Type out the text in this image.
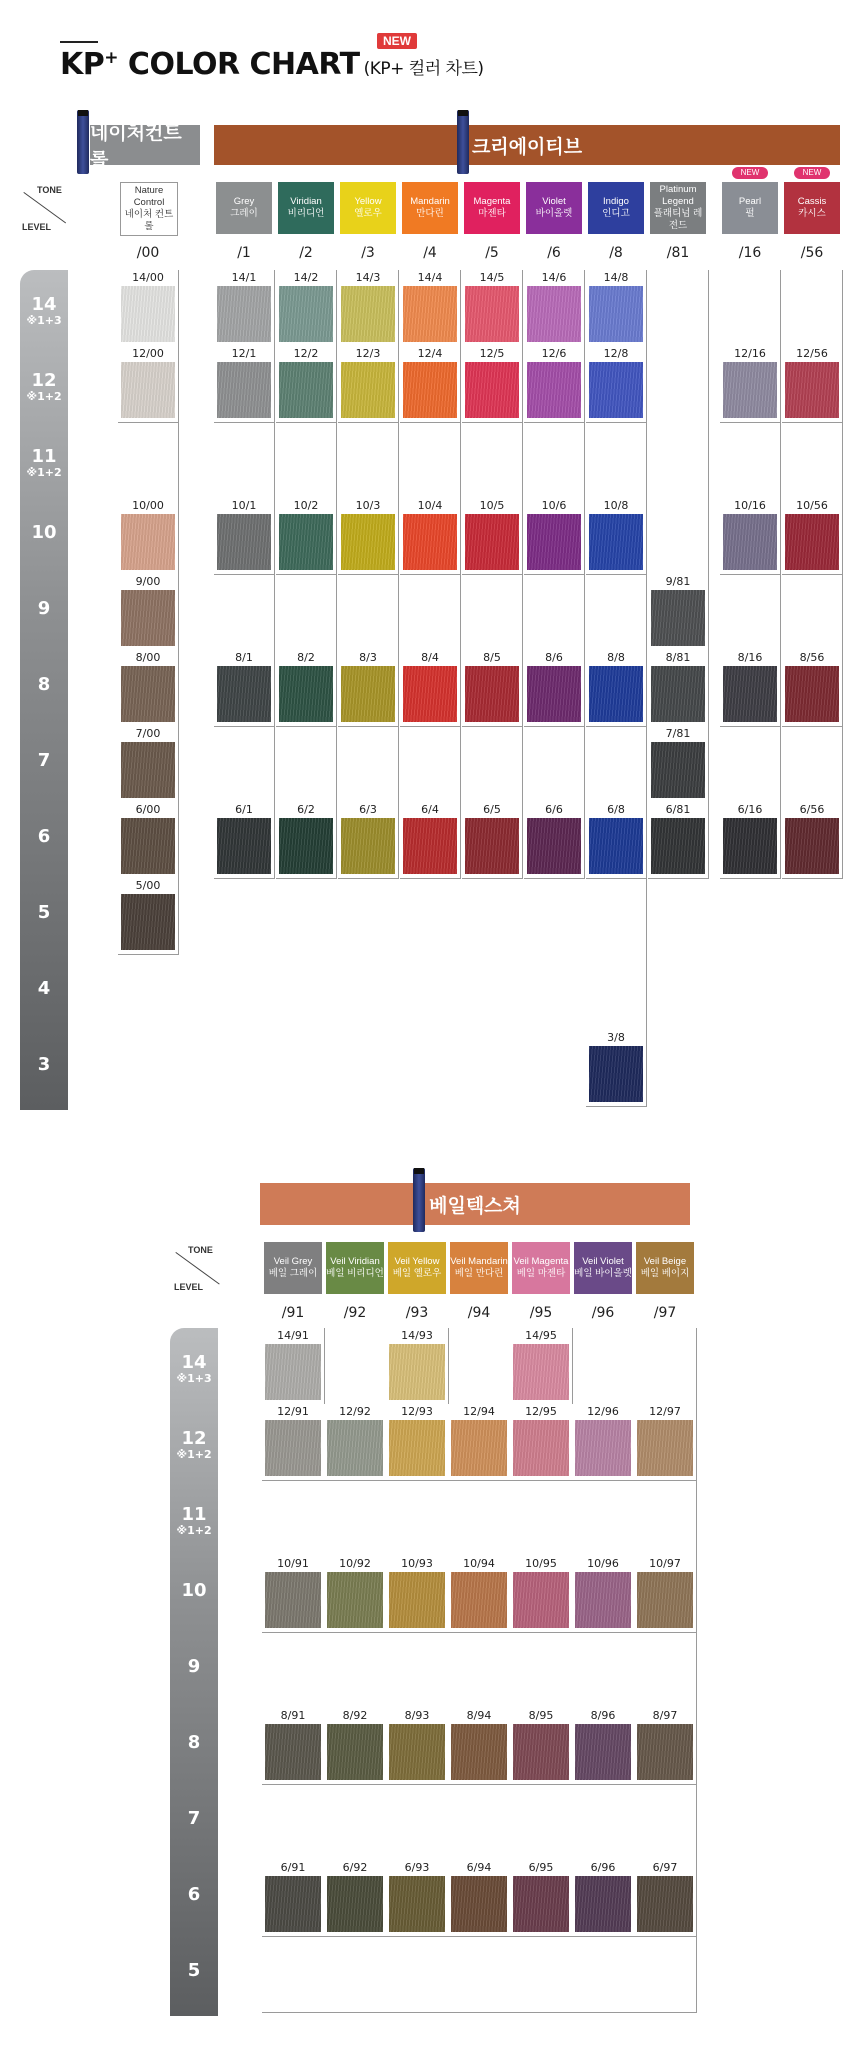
KP+ COLOR CHART (KP+ 컬러 차트)
NEW
네이처컨트롤
크리에이티브
TONE
LEVEL
Nature Control
네이처 컨트롤
/00
Grey
그레이
/1
Viridian
비리디언
/2
Yellow
옐로우
/3
Mandarin
만다린
/4
Magenta
마젠타
/5
Violet
바이올렛
/6
Indigo
인디고
/8
Platinum Legend
플래티넘 레전드
/81
Pearl
펄
NEW
/16
Cassis
카시스
NEW
/56
14
※1+3
12
※1+2
11
※1+2
10
9
8
7
6
5
4
3
14/00	14/1	14/2	14/3	14/4	14/5	14/6	14/8
12/00	12/1	12/2	12/3	12/4	12/5	12/6	12/8	12/16	12/56
10/00	10/1	10/2	10/3	10/4	10/5	10/6	10/8	10/16	10/56
9/00	9/81
8/00	8/1	8/2	8/3	8/4	8/5	8/6	8/8	8/81	8/16	8/56
7/00	7/81
6/00	6/1	6/2	6/3	6/4	6/5	6/6	6/8	6/81	6/16	6/56
5/00
3/8
베일텍스쳐
TONE
LEVEL
Veil Grey
베일 그레이
/91
Veil Viridian
베일 비리디언
/92
Veil Yellow
베일 옐로우
/93
Veil Mandarin
베일 만다린
/94
Veil Magenta
베일 마젠타
/95
Veil Violet
베일 바이올렛
/96
Veil Beige
베일 베이지
/97
14
※1+3
12
※1+2
11
※1+2
10
9
8
7
6
5
14/91	14/93	14/95
12/91	12/92	12/93	12/94	12/95	12/96	12/97
10/91	10/92	10/93	10/94	10/95	10/96	10/97
8/91	8/92	8/93	8/94	8/95	8/96	8/97
6/91	6/92	6/93	6/94	6/95	6/96	6/97
